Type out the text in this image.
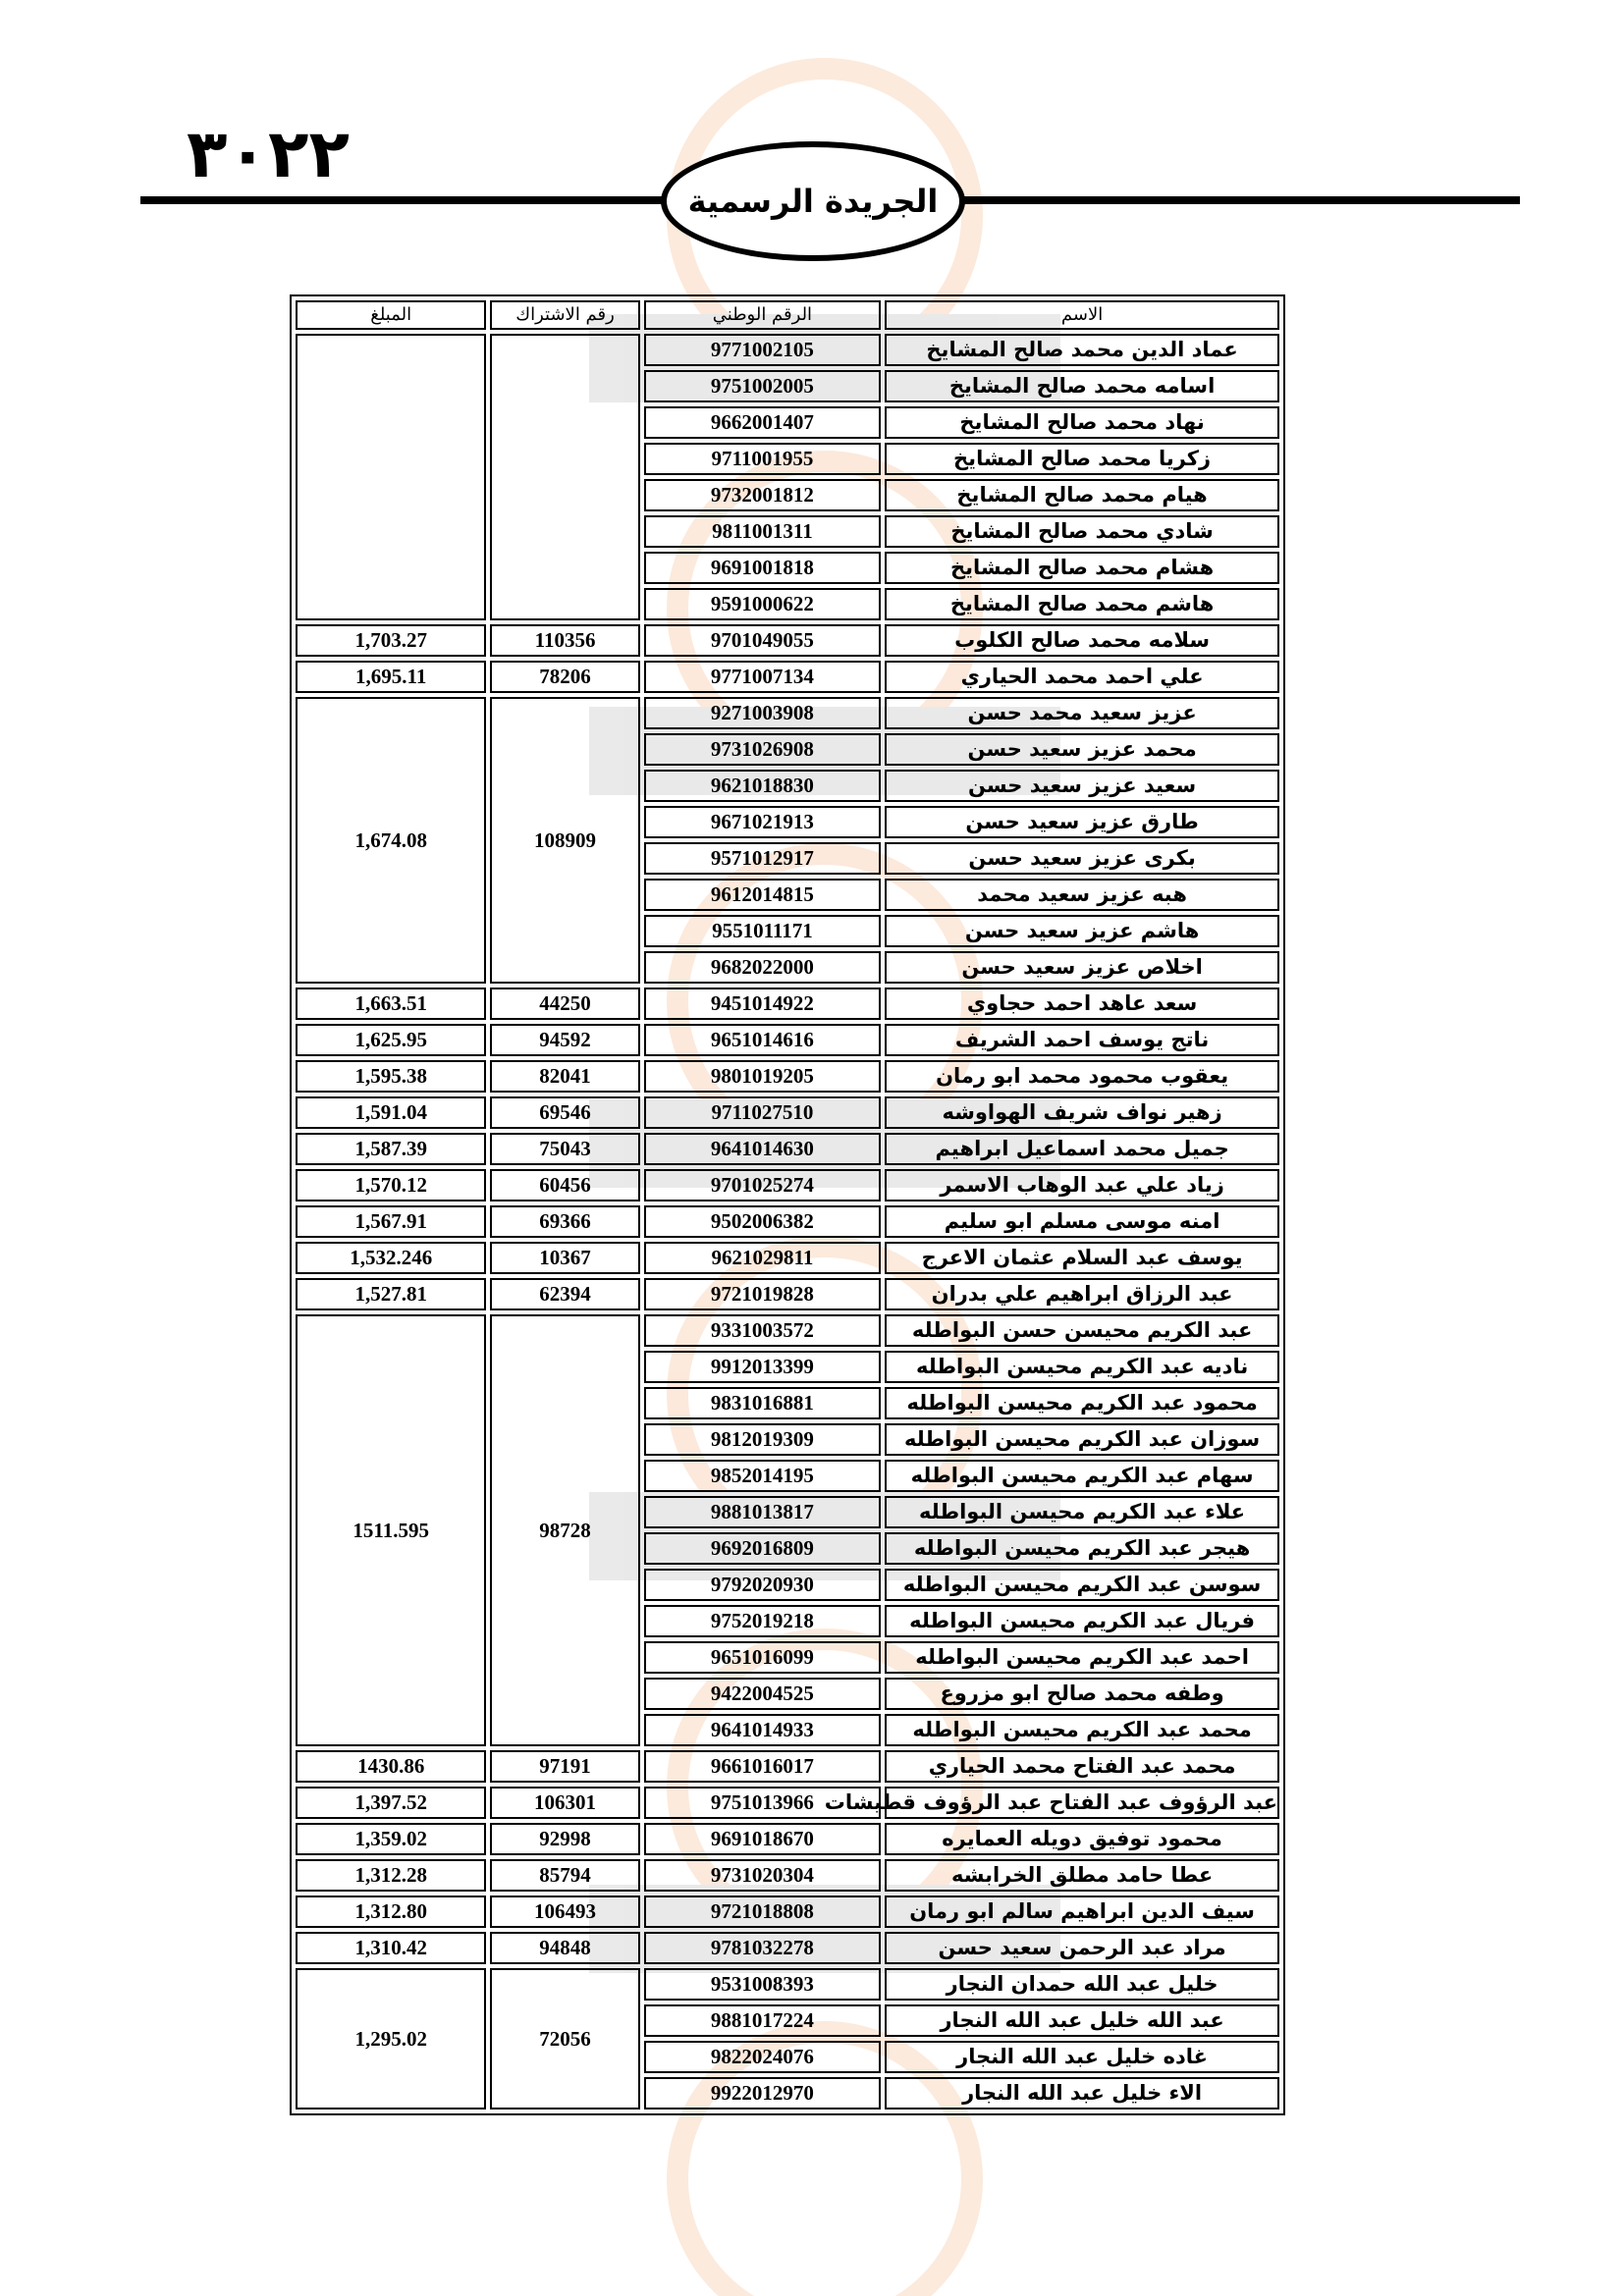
٣٠٢٢
الجريدة الرسمية
المبلغ	رقم الاشتراك	الرقم الوطني	الاسم
		9771002105	عماد الدين محمد صالح المشايخ
		9751002005	اسامه محمد صالح المشايخ
		9662001407	نهاد محمد صالح المشايخ
		9711001955	زكريا محمد صالح المشايخ
		9732001812	هيام محمد صالح المشايخ
		9811001311	شادي محمد صالح المشايخ
		9691001818	هشام محمد صالح المشايخ
		9591000622	هاشم محمد صالح المشايخ
1,703.27	110356	9701049055	سلامه محمد صالح الكلوب
1,695.11	78206	9771007134	علي احمد محمد الحياري
1,674.08	108909	9271003908	عزيز سعيد محمد حسن
		9731026908	محمد عزيز سعيد حسن
		9621018830	سعيد عزيز سعيد حسن
		9671021913	طارق عزيز سعيد حسن
		9571012917	بكرى عزيز سعيد حسن
		9612014815	هبه عزيز سعيد محمد
		9551011171	هاشم عزيز سعيد حسن
		9682022000	اخلاص عزيز سعيد حسن
1,663.51	44250	9451014922	سعد عاهد احمد حجاوي
1,625.95	94592	9651014616	ناتج يوسف احمد الشريف
1,595.38	82041	9801019205	يعقوب محمود محمد ابو رمان
1,591.04	69546	9711027510	زهير نواف شريف الهواوشه
1,587.39	75043	9641014630	جميل محمد اسماعيل ابراهيم
1,570.12	60456	9701025274	زياد علي عبد الوهاب الاسمر
1,567.91	69366	9502006382	امنه موسى مسلم ابو سليم
1,532.246	10367	9621029811	يوسف عبد السلام عثمان الاعرج
1,527.81	62394	9721019828	عبد الرزاق ابراهيم علي بدران
1511.595	98728	9331003572	عبد الكريم محيسن حسن البواطله
		9912013399	ناديه عبد الكريم محيسن البواطله
		9831016881	محمود عبد الكريم محيسن البواطله
		9812019309	سوزان عبد الكريم محيسن البواطله
		9852014195	سهام عبد الكريم محيسن البواطله
		9881013817	علاء عبد الكريم محيسن البواطله
		9692016809	هيجر عبد الكريم محيسن البواطله
		9792020930	سوسن عبد الكريم محيسن البواطله
		9752019218	فريال عبد الكريم محيسن البواطله
		9651016099	احمد عبد الكريم محيسن البواطله
		9422004525	وطفه محمد صالح ابو مزروع
		9641014933	محمد عبد الكريم محيسن البواطله
1430.86	97191	9661016017	محمد عبد الفتاح محمد الحياري
1,397.52	106301	9751013966	عبد الرؤوف عبد الفتاح عبد الرؤوف قطيشات
1,359.02	92998	9691018670	محمود توفيق دويله العمايره
1,312.28	85794	9731020304	عطا حامد مطلق الخرابشه
1,312.80	106493	9721018808	سيف الدين ابراهيم سالم ابو رمان
1,310.42	94848	9781032278	مراد عبد الرحمن سعيد حسن
1,295.02	72056	9531008393	خليل عبد الله حمدان النجار
		9881017224	عبد الله خليل عبد الله النجار
		9822024076	غاده خليل عبد الله النجار
		9922012970	الاء خليل عبد الله النجار
